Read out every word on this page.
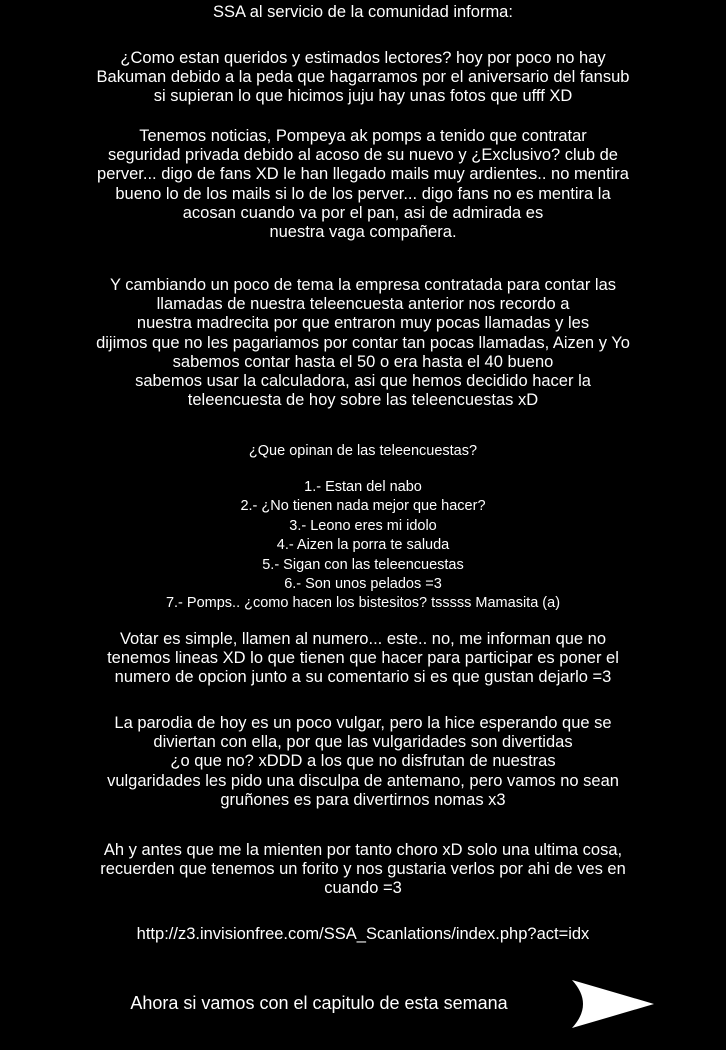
SSA al servicio de la comunidad informa:

¿Como estan queridos y estimados lectores? hoy por poco no hay
Bakuman debido a la peda que hagarramos por el aniversario del fansub
si supieran lo que hicimos juju hay unas fotos que ufff XD

Tenemos noticias, Pompeya ak pomps a tenido que contratar
seguridad privada debido al acoso de su nuevo y ¿Exclusivo? club de
perver... digo de fans XD le han llegado mails muy ardientes.. no mentira
bueno lo de los mails si lo de los perver... digo fans no es mentira la
acosan cuando va por el pan, asi de admirada es
nuestra vaga compañera.

Y cambiando un poco de tema la empresa contratada para contar las
llamadas de nuestra teleencuesta anterior nos recordo a
nuestra madrecita por que entraron muy pocas llamadas y les
dijimos que no les pagariamos por contar tan pocas llamadas, Aizen y Yo
sabemos contar hasta el 50 o era hasta el 40 bueno
sabemos usar la calculadora, asi que hemos decidido hacer la
teleencuesta de hoy sobre las teleencuestas xD

¿Que opinan de las teleencuestas?

1.- Estan del nabo
2.- ¿No tienen nada mejor que hacer?
3.- Leono eres mi idolo
4.- Aizen la porra te saluda
5.- Sigan con las teleencuestas
6.- Son unos pelados =3
7.- Pomps.. ¿como hacen los bistesitos? tsssss Mamasita (a)

Votar es simple, llamen al numero... este.. no, me informan que no
tenemos lineas XD lo que tienen que hacer para participar es poner el
numero de opcion junto a su comentario si es que gustan dejarlo =3

La parodia de hoy es un poco vulgar, pero la hice esperando que se
diviertan con ella, por que las vulgaridades son divertidas
¿o que no? xDDD a los que no disfrutan de nuestras
vulgaridades les pido una disculpa de antemano, pero vamos no sean
gruñones es para divertirnos nomas x3

Ah y antes que me la mienten por tanto choro xD solo una ultima cosa,
recuerden que tenemos un forito y nos gustaria verlos por ahi de ves en
cuando =3

http://z3.invisionfree.com/SSA_Scanlations/index.php?act=idx

Ahora si vamos con el capitulo de esta semana
